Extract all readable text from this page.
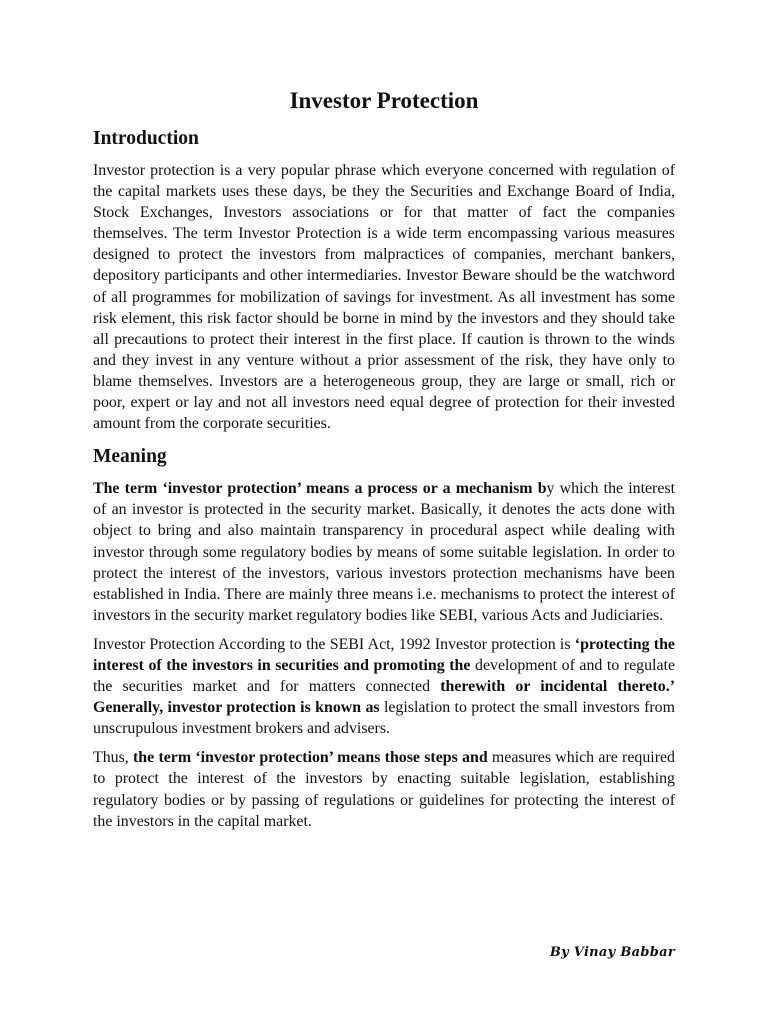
Investor Protection
Introduction

Investor protection is a very popular phrase which everyone concerned with regulation of the capital markets uses these days, be they the Securities and Exchange Board of India, Stock Exchanges, Investors associations or for that matter of fact the companies themselves. The term Investor Protection is a wide term encompassing various measures designed to protect the investors from malpractices of companies, merchant bankers, depository participants and other intermediaries. Investor Beware should be the watchword of all programmes for mobilization of savings for investment. As all investment has some risk element, this risk factor should be borne in mind by the investors and they should take all precautions to protect their interest in the first place. If caution is thrown to the winds and they invest in any venture without a prior assessment of the risk, they have only to blame themselves. Investors are a heterogeneous group, they are large or small, rich or poor, expert or lay and not all investors need equal degree of protection for their invested amount from the corporate securities.

Meaning

The term ‘investor protection’ means a process or a mechanism by which the interest of an investor is protected in the security market. Basically, it denotes the acts done with object to bring and also maintain transparency in procedural aspect while dealing with investor through some regulatory bodies by means of some suitable legislation. In order to protect the interest of the investors, various investors protection mechanisms have been established in India. There are mainly three means i.e. mechanisms to protect the interest of investors in the security market regulatory bodies like SEBI, various Acts and Judiciaries.

Investor Protection According to the SEBI Act, 1992 Investor protection is ‘protecting the interest of the investors in securities and promoting the development of and to regulate the securities market and for matters connected therewith or incidental thereto.’ Generally, investor protection is known as legislation to protect the small investors from unscrupulous investment brokers and advisers.

Thus, the term ‘investor protection’ means those steps and measures which are required to protect the interest of the investors by enacting suitable legislation, establishing regulatory bodies or by passing of regulations or guidelines for protecting the interest of the investors in the capital market.

By Vinay Babbar
